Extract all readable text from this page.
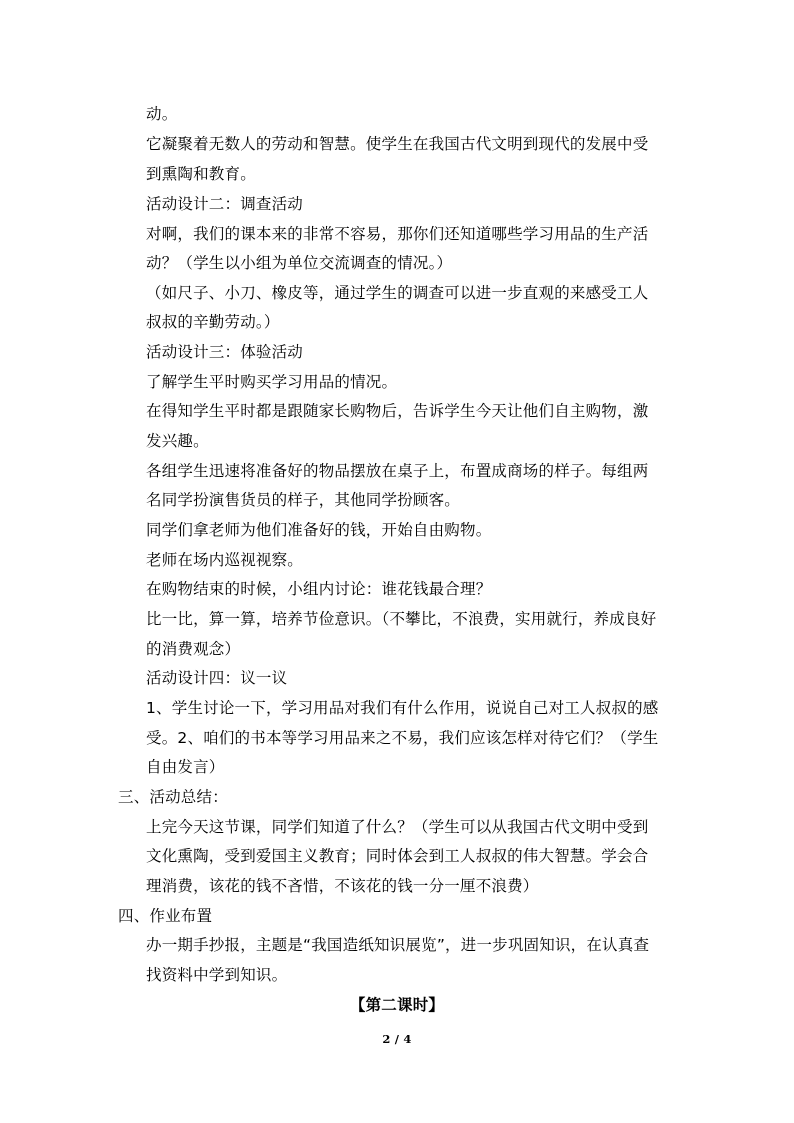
动。
它凝聚着无数人的劳动和智慧。使学生在我国古代文明到现代的发展中受
到熏陶和教育。
活动设计二：调查活动
对啊，我们的课本来的非常不容易，那你们还知道哪些学习用品的生产活
动？（学生以小组为单位交流调查的情况。）
（如尺子、小刀、橡皮等，通过学生的调查可以进一步直观的来感受工人
叔叔的辛勤劳动。）
活动设计三：体验活动
了解学生平时购买学习用品的情况。
在得知学生平时都是跟随家长购物后，告诉学生今天让他们自主购物，激
发兴趣。
各组学生迅速将准备好的物品摆放在桌子上，布置成商场的样子。每组两
名同学扮演售货员的样子，其他同学扮顾客。
同学们拿老师为他们准备好的钱，开始自由购物。
老师在场内巡视视察。
在购物结束的时候，小组内讨论：谁花钱最合理？
比一比，算一算，培养节俭意识。（不攀比，不浪费，实用就行，养成良好
的消费观念）
活动设计四：议一议
1、学生讨论一下，学习用品对我们有什么作用，说说自己对工人叔叔的感
受。2、咱们的书本等学习用品来之不易，我们应该怎样对待它们？（学生
自由发言）
三、活动总结：
上完今天这节课，同学们知道了什么？（学生可以从我国古代文明中受到
文化熏陶，受到爱国主义教育；同时体会到工人叔叔的伟大智慧。学会合
理消费，该花的钱不吝惜，不该花的钱一分一厘不浪费）
四、作业布置
办一期手抄报，主题是“我国造纸知识展览”，进一步巩固知识，在认真查
找资料中学到知识。
【第二课时】
2 / 4
